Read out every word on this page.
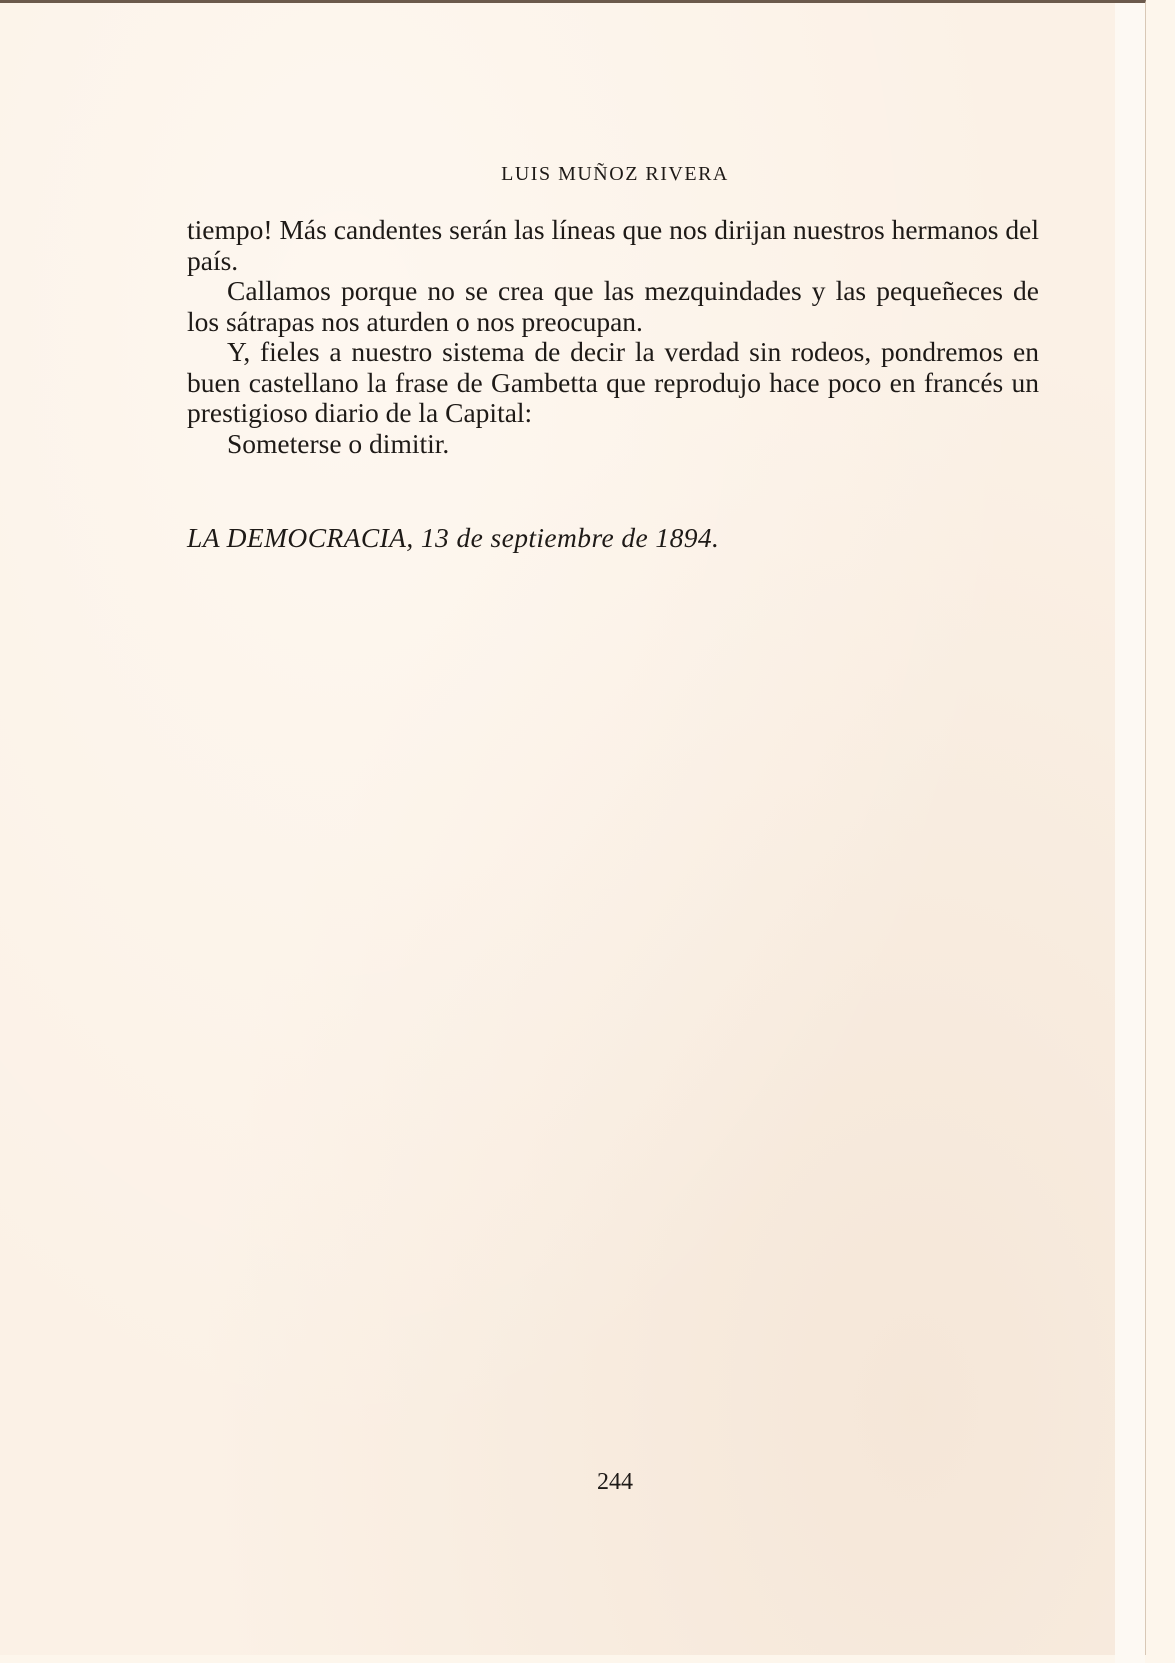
LUIS MUÑOZ RIVERA

tiempo! Más candentes serán las líneas que nos dirijan nuestros hermanos del país.

Callamos porque no se crea que las mezquindades y las pequeñeces de los sátrapas nos aturden o nos preocupan.

Y, fieles a nuestro sistema de decir la verdad sin rodeos, pondremos en buen castellano la frase de Gambetta que reprodujo hace poco en francés un prestigioso diario de la Capital:

Someterse o dimitir.

LA DEMOCRACIA, 13 de septiembre de 1894.
244
